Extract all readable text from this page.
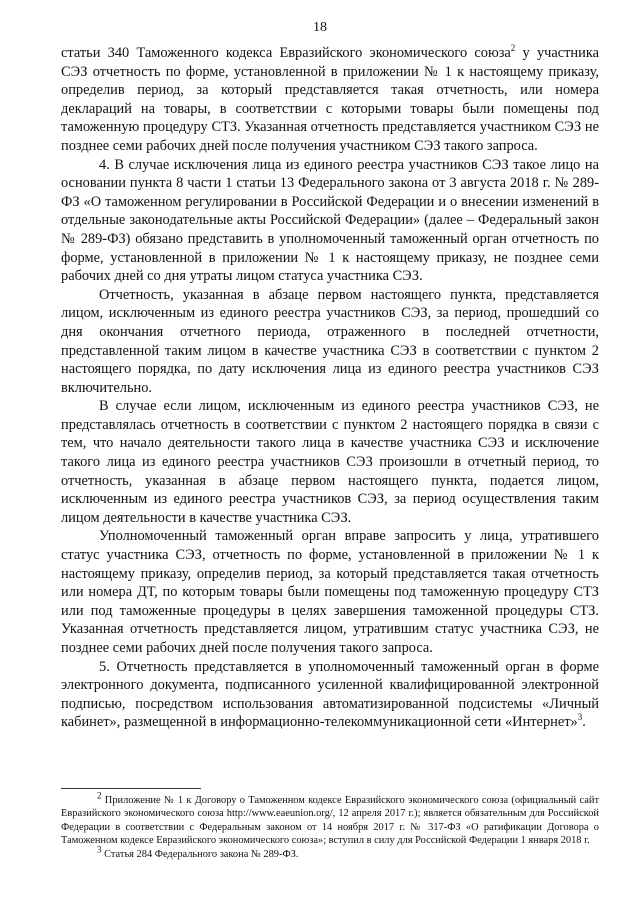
18

статьи 340 Таможенного кодекса Евразийского экономического союза$^2$ у участника СЭЗ отчетность по форме, установленной в приложении № 1 к настоящему приказу, определив период, за который представляется такая отчетность, или номера деклараций на товары, в соответствии с которыми товары были помещены под таможенную процедуру СТЗ. Указанная отчетность представляется участником СЭЗ не позднее семи рабочих дней после получения участником СЭЗ такого запроса.

4. В случае исключения лица из единого реестра участников СЭЗ такое лицо на основании пункта 8 части 1 статьи 13 Федерального закона от 3 августа 2018 г. № 289-ФЗ «О таможенном регулировании в Российской Федерации и о внесении изменений в отдельные законодательные акты Российской Федерации» (далее – Федеральный закон № 289-ФЗ) обязано представить в уполномоченный таможенный орган отчетность по форме, установленной в приложении № 1 к настоящему приказу, не позднее семи рабочих дней со дня утраты лицом статуса участника СЭЗ.

Отчетность, указанная в абзаце первом настоящего пункта, представляется лицом, исключенным из единого реестра участников СЭЗ, за период, прошедший со дня окончания отчетного периода, отраженного в последней отчетности, представленной таким лицом в качестве участника СЭЗ в соответствии с пунктом 2 настоящего порядка, по дату исключения лица из единого реестра участников СЭЗ включительно.

В случае если лицом, исключенным из единого реестра участников СЭЗ, не представлялась отчетность в соответствии с пунктом 2 настоящего порядка в связи с тем, что начало деятельности такого лица в качестве участника СЭЗ и исключение такого лица из единого реестра участников СЭЗ произошли в отчетный период, то отчетность, указанная в абзаце первом настоящего пункта, подается лицом, исключенным из единого реестра участников СЭЗ, за период осуществления таким лицом деятельности в качестве участника СЭЗ.

Уполномоченный таможенный орган вправе запросить у лица, утратившего статус участника СЭЗ, отчетность по форме, установленной в приложении № 1 к настоящему приказу, определив период, за который представляется такая отчетность или номера ДТ, по которым товары были помещены под таможенную процедуру СТЗ или под таможенные процедуры в целях завершения таможенной процедуры СТЗ. Указанная отчетность представляется лицом, утратившим статус участника СЭЗ, не позднее семи рабочих дней после получения такого запроса.

5. Отчетность представляется в уполномоченный таможенный орган в форме электронного документа, подписанного усиленной квалифицированной электронной подписью, посредством использования автоматизированной подсистемы «Личный кабинет», размещенной в информационно-телекоммуникационной сети «Интернет»$^3$.

$^2$ Приложение № 1 к Договору о Таможенном кодексе Евразийского экономического союза (официальный сайт Евразийского экономического союза http://www.eaeunion.org/, 12 апреля 2017 г.); является обязательным для Российской Федерации в соответствии с Федеральным законом от 14 ноября 2017 г. № 317-ФЗ «О ратификации Договора о Таможенном кодексе Евразийского экономического союза»; вступил в силу для Российской Федерации 1 января 2018 г.

$^3$ Статья 284 Федерального закона № 289-ФЗ.
